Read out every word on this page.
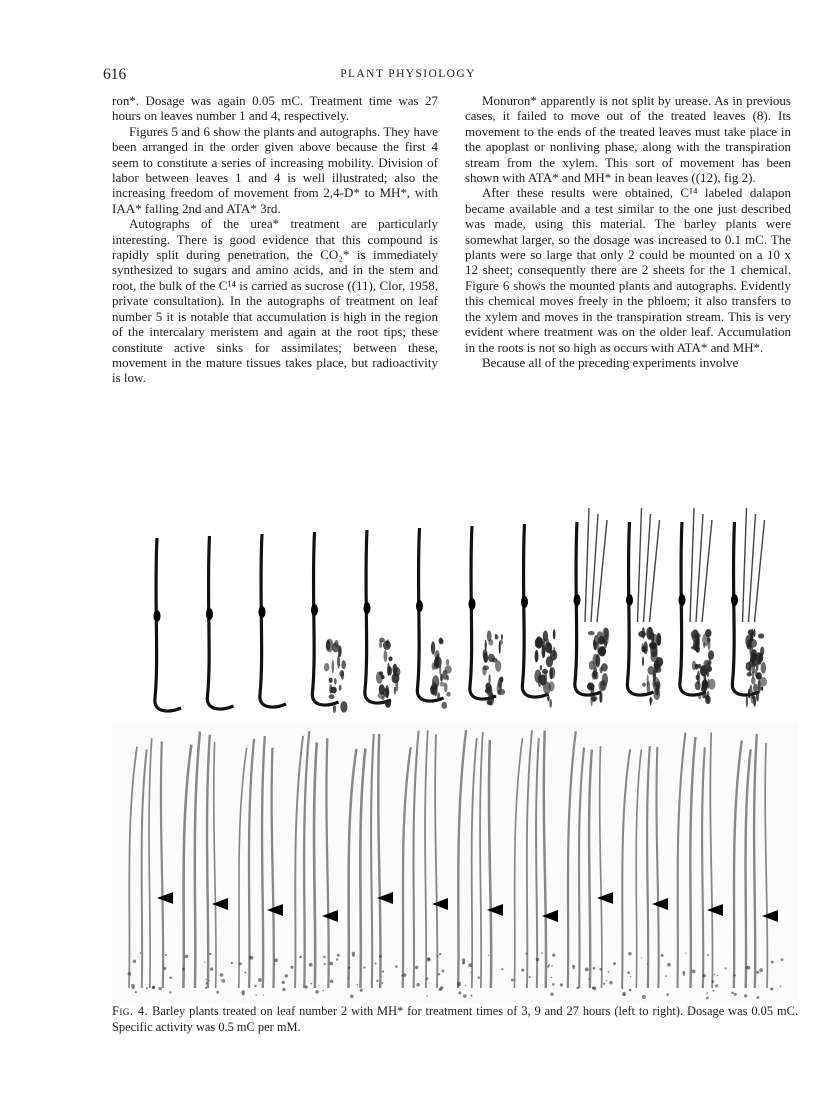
616	PLANT PHYSIOLOGY

ron*. Dosage was again 0.05 mC. Treatment time was 27 hours on leaves number 1 and 4, respectively.

Figures 5 and 6 show the plants and autographs. They have been arranged in the order given above because the first 4 seem to constitute a series of increasing mobility. Division of labor between leaves 1 and 4 is well illustrated; also the increasing freedom of movement from 2,4-D* to MH*, with IAA* falling 2nd and ATA* 3rd.

Autographs of the urea* treatment are particularly interesting. There is good evidence that this compound is rapidly split during penetration, the CO₂* is immediately synthesized to sugars and amino acids, and in the stem and root, the bulk of the C¹⁴ is carried as sucrose ((11), Clor, 1958, private consultation). In the autographs of treatment on leaf number 5 it is notable that accumulation is high in the region of the intercalary meristem and again at the root tips; these constitute active sinks for assimilates; between these, movement in the mature tissues takes place, but radioactivity is low.

Monuron* apparently is not split by urease. As in previous cases, it failed to move out of the treated leaves (8). Its movement to the ends of the treated leaves must take place in the apoplast or nonliving phase, along with the transpiration stream from the xylem. This sort of movement has been shown with ATA* and MH* in bean leaves ((12), fig 2).

After these results were obtained, C¹⁴ labeled dalapon became available and a test similar to the one just described was made, using this material. The barley plants were somewhat larger, so the dosage was increased to 0.1 mC. The plants were so large that only 2 could be mounted on a 10 x 12 sheet; consequently there are 2 sheets for the 1 chemical. Figure 6 shows the mounted plants and autographs. Evidently this chemical moves freely in the phloem; it also transfers to the xylem and moves in the transpiration stream. This is very evident where treatment was on the older leaf. Accumulation in the roots is not so high as occurs with ATA* and MH*.

Because all of the preceding experiments involve

Fig. 4. Barley plants treated on leaf number 2 with MH* for treatment times of 3, 9 and 27 hours (left to right). Dosage was 0.05 mC. Specific activity was 0.5 mC per mM.
